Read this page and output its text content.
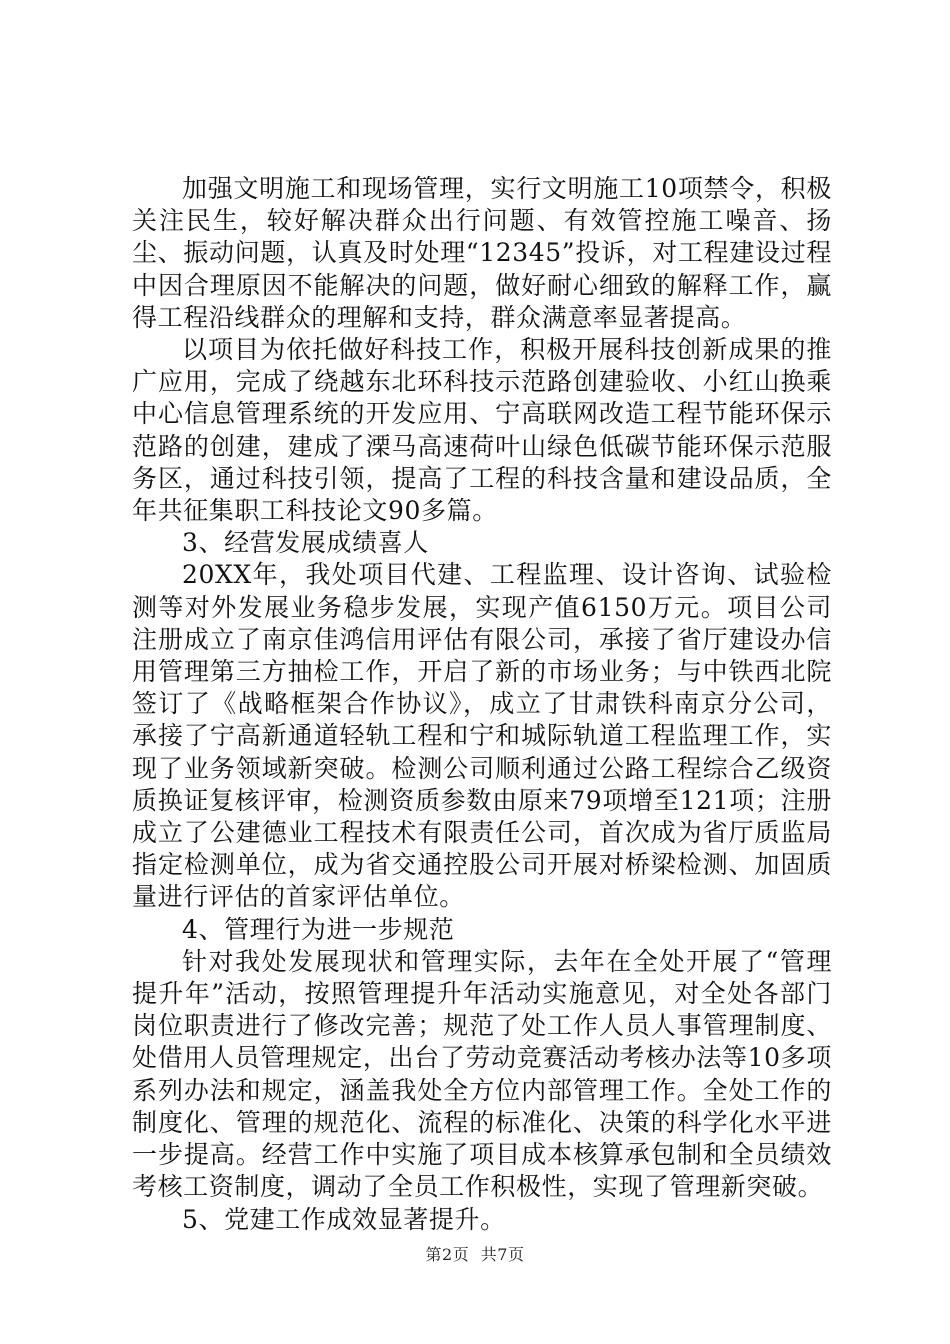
加强文明施工和现场管理，实行文明施工10项禁令，积极关注民生，较好解决群众出行问题、有效管控施工噪音、扬尘、振动问题，认真及时处理“12345”投诉，对工程建设过程中因合理原因不能解决的问题，做好耐心细致的解释工作，赢得工程沿线群众的理解和支持，群众满意率显著提高。

以项目为依托做好科技工作，积极开展科技创新成果的推广应用，完成了绕越东北环科技示范路创建验收、小红山换乘中心信息管理系统的开发应用、宁高联网改造工程节能环保示范路的创建，建成了溧马高速荷叶山绿色低碳节能环保示范服务区，通过科技引领，提高了工程的科技含量和建设品质，全年共征集职工科技论文90多篇。

3、经营发展成绩喜人

20XX年，我处项目代建、工程监理、设计咨询、试验检测等对外发展业务稳步发展，实现产值6150万元。项目公司注册成立了南京佳鸿信用评估有限公司，承接了省厅建设办信用管理第三方抽检工作，开启了新的市场业务；与中铁西北院签订了《战略框架合作协议》，成立了甘肃铁科南京分公司，承接了宁高新通道轻轨工程和宁和城际轨道工程监理工作，实现了业务领域新突破。检测公司顺利通过公路工程综合乙级资质换证复核评审，检测资质参数由原来79项增至121项；注册成立了公建德业工程技术有限责任公司，首次成为省厅质监局指定检测单位，成为省交通控股公司开展对桥梁检测、加固质量进行评估的首家评估单位。

4、管理行为进一步规范

针对我处发展现状和管理实际，去年在全处开展了“管理提升年”活动，按照管理提升年活动实施意见，对全处各部门岗位职责进行了修改完善；规范了处工作人员人事管理制度、处借用人员管理规定，出台了劳动竞赛活动考核办法等10多项系列办法和规定，涵盖我处全方位内部管理工作。全处工作的制度化、管理的规范化、流程的标准化、决策的科学化水平进一步提高。经营工作中实施了项目成本核算承包制和全员绩效考核工资制度，调动了全员工作积极性，实现了管理新突破。

5、党建工作成效显著提升。

第2页 共7页
